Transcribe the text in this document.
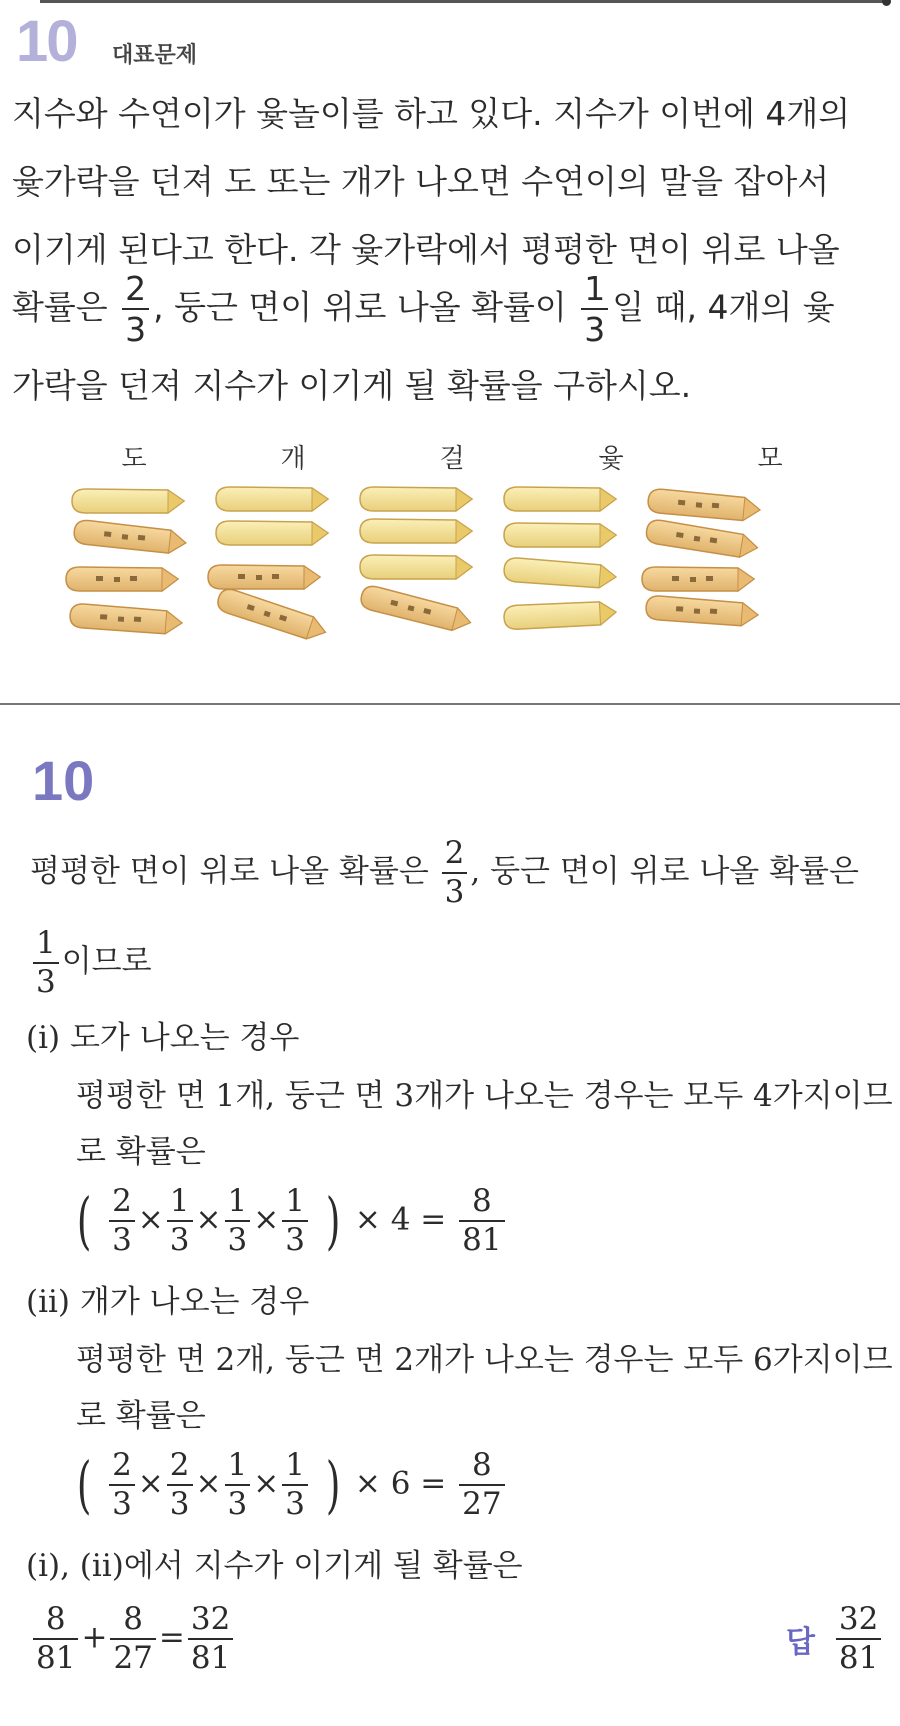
10 대표문제
지수와 수연이가 윷놀이를 하고 있다. 지수가 이번에 4개의
윷가락을 던져 도 또는 개가 나오면 수연이의 말을 잡아서
이기게 된다고 한다. 각 윷가락에서 평평한 면이 위로 나올
확률은 $\frac{2}{3}$ , 둥근 면이 위로 나올 확률이 $\frac{1}{3}$ 일 때, 4개의 윷
가락을 던져 지수가 이기게 될 확률을 구하시오.
도	개	걸	윷	모
10
평평한 면이 위로 나올 확률은 $\frac{2}{3}$ , 둥근 면이 위로 나올 확률은
$\frac{1}{3}$ 이므로
(i) 도가 나오는 경우
평평한 면 1개, 둥근 면 3개가 나오는 경우는 모두 4가지이므
로 확률은
( $\frac{2}{3} \times \frac{1}{3} \times \frac{1}{3} \times \frac{1}{3}$ ) × $4 = \frac{8}{81}$
(ii) 개가 나오는 경우
평평한 면 2개, 둥근 면 2개가 나오는 경우는 모두 6가지이므
로 확률은
( $\frac{2}{3} \times \frac{2}{3} \times \frac{1}{3} \times \frac{1}{3}$ ) × $6 = \frac{8}{27}$
(i), (ii)에서 지수가 이기게 될 확률은
$\frac{8}{81} + \frac{8}{27} = \frac{32}{81}$	답 $\frac{32}{81}$
